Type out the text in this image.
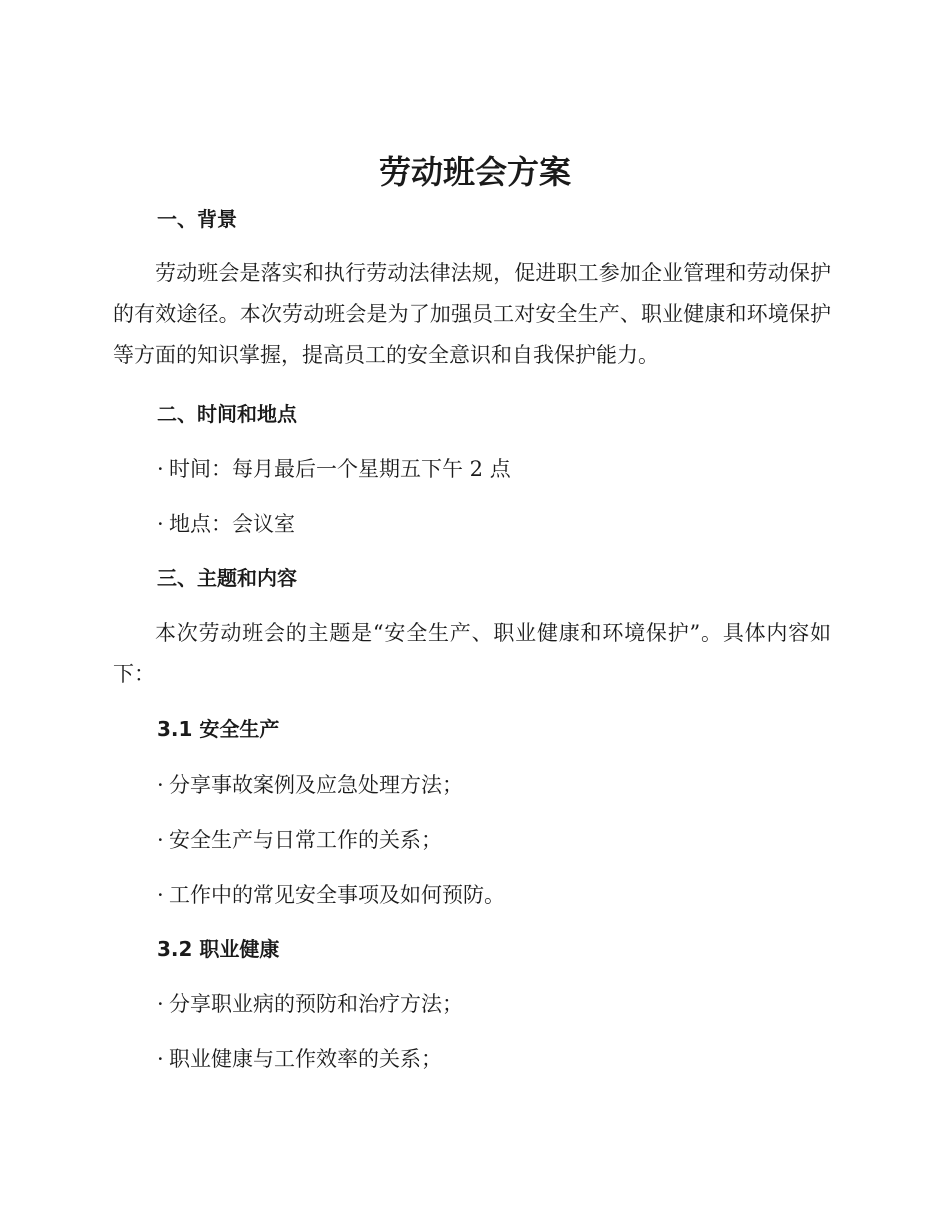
劳动班会方案
一、背景

劳动班会是落实和执行劳动法律法规，促进职工参加企业管理和劳动保护的有效途径。本次劳动班会是为了加强员工对安全生产、职业健康和环境保护等方面的知识掌握，提高员工的安全意识和自我保护能力。

二、时间和地点

· 时间：每月最后一个星期五下午 2 点

· 地点：会议室

三、主题和内容

本次劳动班会的主题是“安全生产、职业健康和环境保护”。具体内容如下：

3.1 安全生产

· 分享事故案例及应急处理方法；

· 安全生产与日常工作的关系；

· 工作中的常见安全事项及如何预防。

3.2 职业健康

· 分享职业病的预防和治疗方法；

· 职业健康与工作效率的关系；
